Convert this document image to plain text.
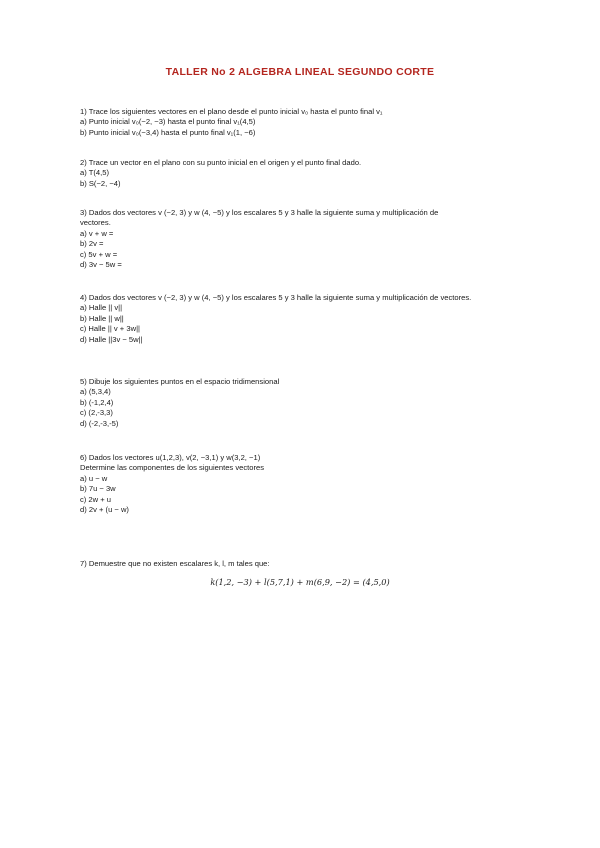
TALLER No 2 ALGEBRA LINEAL SEGUNDO CORTE
1) Trace los siguientes vectores en el plano desde el punto inicial v₀ hasta el punto final v₁
a) Punto inicial v₀(−2, −3) hasta el punto final v₁(4,5)
b) Punto inicial v₀(−3,4) hasta el punto final v₁(1, −6)
2) Trace un vector en el plano con su punto inicial en el origen y el punto final dado.
a) T(4,5)
b) S(−2, −4)
3) Dados dos vectores v (−2, 3) y w (4, −5) y los escalares 5 y 3 halle la siguiente suma y multiplicación de
vectores.
a) v + w =
b) 2v =
c) 5v + w =
d) 3v − 5w =
4) Dados dos vectores v (−2, 3) y w (4, −5) y los escalares 5 y 3 halle la siguiente suma y multiplicación de vectores.
a) Halle || v||
b) Halle || w||
c) Halle || v + 3w||
d) Halle ||3v − 5w||
5) Dibuje los siguientes puntos en el espacio tridimensional
a) (5,3,4)
b) (-1,2,4)
c) (2,-3,3)
d) (-2,-3,-5)
6) Dados los vectores u(1,2,3), v(2, −3,1) y w(3,2, −1)
Determine las componentes de los siguientes vectores
a) u − w
b) 7u − 3w
c) 2w + u
d) 2v + (u − w)
7) Demuestre que no existen escalares k, l, m tales que:
k(1,2, −3) + l(5,7,1) + m(6,9, −2) = (4,5,0)
